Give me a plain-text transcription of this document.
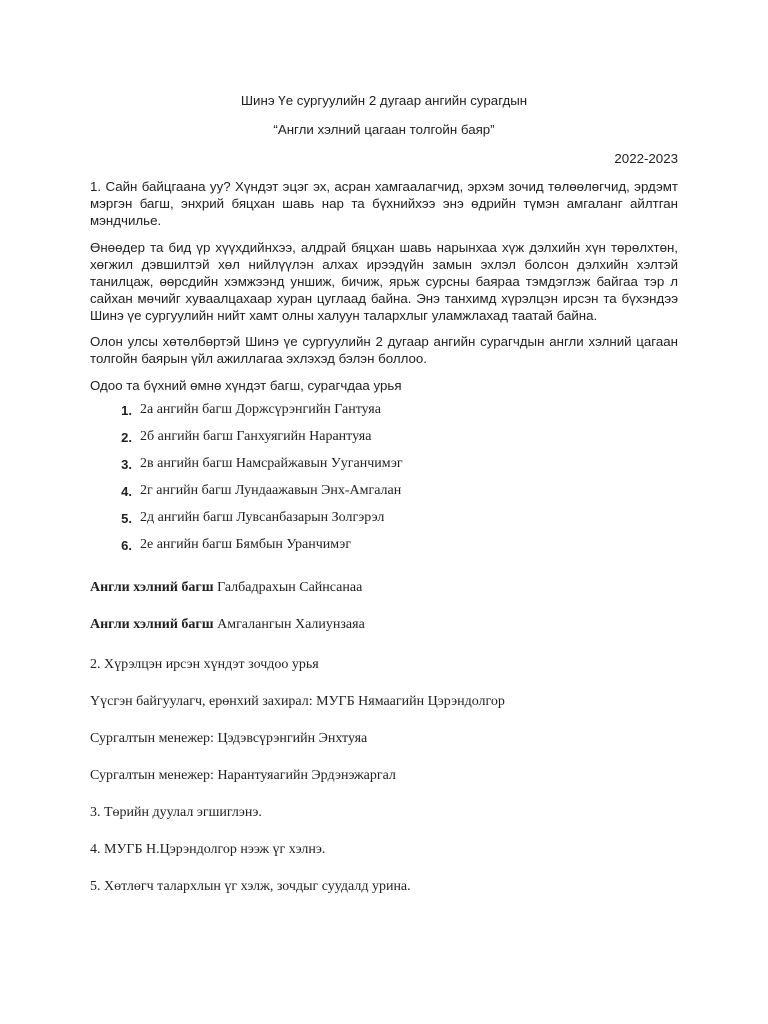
Шинэ Үе сургуулийн 2 дугаар ангийн сурагдын

“Англи хэлний цагаан толгойн баяр”

2022-2023

1. Сайн байцгаана уу? Хүндэт эцэг эх, асран хамгаалагчид, эрхэм зочид төлөөлөгчид, эрдэмт мэргэн багш, энхрий бяцхан шавь нар та бүхнийхээ энэ өдрийн түмэн амгаланг айлтган мэндчилье.

Өнөөдер та бид үр хүүхдийнхээ, алдрай бяцхан шавь нарынхаа хүж дэлхийн хүн төрөлхтөн, хөгжил дэвшилтэй хөл нийлүүлэн алхах ирээдүйн замын эхлэл болсон дэлхийн хэлтэй танилцаж, өөрсдийн хэмжээнд уншиж, бичиж, ярьж сурсны баяраа тэмдэглэж байгаа тэр л сайхан мөчийг хуваалцахаар хуран цуглаад байна. Энэ танхимд хүрэлцэн ирсэн та бүхэндээ Шинэ үе сургуулийн нийт хамт олны халуун талархлыг уламжлахад таатай байна.

Олон улсы хөтөлбөртэй Шинэ үе сургуулийн 2 дугаар ангийн сурагчдын англи хэлний цагаан толгойн баярын үйл ажиллагаа эхлэхэд бэлэн боллоо.

Одоо та бүхний өмнө хүндэт багш, сурагчдаа урья

1. 2а ангийн багш Доржсүрэнгийн Гантуяа
2. 2б ангийн багш Ганхуягийн Нарантуяа
3. 2в ангийн багш Намсрайжавын Ууганчимэг
4. 2г ангийн багш Лундаажавын Энх-Амгалан
5. 2д ангийн багш Лувсанбазарын Золгэрэл
6. 2е ангийн багш Бямбын Уранчимэг

Англи хэлний багш Галбадрахын Сайнсанаа

Англи хэлний багш Амгалангын Халиунзаяа

2. Хүрэлцэн ирсэн хүндэт зочдоо урья

Үүсгэн байгуулагч, ерөнхий захирал: МУГБ Нямаагийн Цэрэндолгор

Сургалтын менежер: Цэдэвсүрэнгийн Энхтуяа

Сургалтын менежер: Нарантуяагийн Эрдэнэжаргал

3. Төрийн дуулал эгшиглэнэ.

4. МУГБ Н.Цэрэндолгор нээж үг хэлнэ.

5. Хөтлөгч талархлын үг хэлж, зочдыг суудалд урина.
